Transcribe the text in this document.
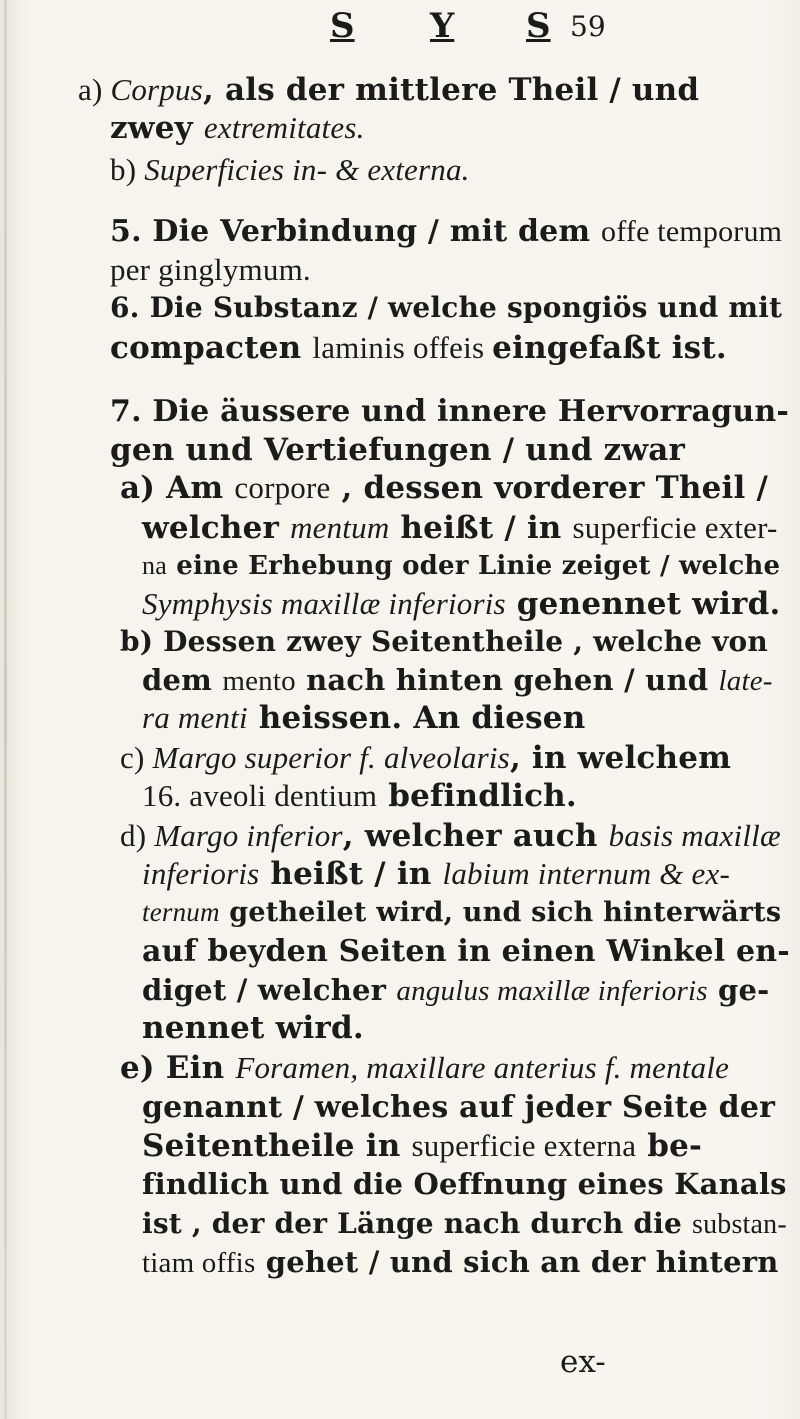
S Y S 59
a) Corpus, als der mittlere Theil / und
zwey extremitates.
b) Superficies in- & externa.
5. Die Verbindung / mit dem offe temporum
per ginglymum.
6. Die Substanz / welche spongiös und mit
compacten laminis offeis eingefaßt ist.
7. Die äussere und innere Hervorragun-
gen und Vertiefungen / und zwar
a) Am corpore , dessen vorderer Theil /
welcher mentum heißt / in superficie exter-
na eine Erhebung oder Linie zeiget / welche
Symphysis maxillæ inferioris genennet wird.
b) Dessen zwey Seitentheile , welche von
dem mento nach hinten gehen / und late-
ra menti heissen. An diesen
c) Margo superior f. alveolaris, in welchem
16. aveoli dentium befindlich.
d) Margo inferior, welcher auch basis maxillæ
inferioris heißt / in labium internum & ex-
ternum getheilet wird, und sich hinterwärts
auf beyden Seiten in einen Winkel en-
diget / welcher angulus maxillæ inferioris ge-
nennet wird.
e) Ein Foramen, maxillare anterius f. mentale
genannt / welches auf jeder Seite der
Seitentheile in superficie externa be-
findlich und die Oeffnung eines Kanals
ist , der der Länge nach durch die substan-
tiam offis gehet / und sich an der hintern
ex-
